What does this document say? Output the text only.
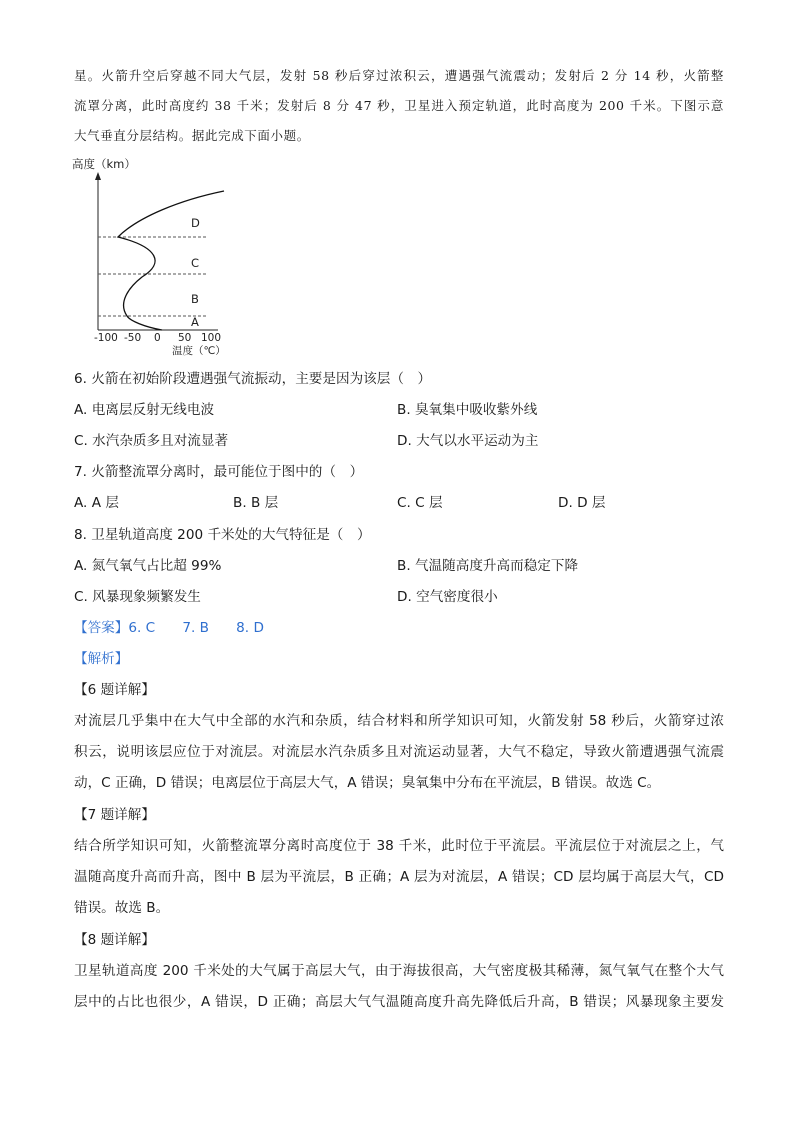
星。火箭升空后穿越不同大气层，发射 58 秒后穿过浓积云，遭遇强气流震动；发射后 2 分 14 秒，火箭整
流罩分离，此时高度约 38 千米；发射后 8 分 47 秒，卫星进入预定轨道，此时高度为 200 千米。下图示意
大气垂直分层结构。据此完成下面小题。
高度（km）
D
C
B
A
-100 -50 0 50 100
温度（℃）
6. 火箭在初始阶段遭遇强气流振动，主要是因为该层（　）
A. 电离层反射无线电波	B. 臭氧集中吸收紫外线
C. 水汽杂质多且对流显著	D. 大气以水平运动为主
7. 火箭整流罩分离时，最可能位于图中的（　）
A. A 层	B. B 层	C. C 层	D. D 层
8. 卫星轨道高度 200 千米处的大气特征是（　）
A. 氮气氧气占比超 99%	B. 气温随高度升高而稳定下降
C. 风暴现象频繁发生	D. 空气密度很小
【答案】6. C　　7. B　　8. D
【解析】
【6 题详解】
对流层几乎集中在大气中全部的水汽和杂质，结合材料和所学知识可知，火箭发射 58 秒后，火箭穿过浓
积云，说明该层应位于对流层。对流层水汽杂质多且对流运动显著，大气不稳定，导致火箭遭遇强气流震
动，C 正确，D 错误；电离层位于高层大气，A 错误；臭氧集中分布在平流层，B 错误。故选 C。
【7 题详解】
结合所学知识可知，火箭整流罩分离时高度位于 38 千米，此时位于平流层。平流层位于对流层之上，气
温随高度升高而升高，图中 B 层为平流层，B 正确；A 层为对流层，A 错误；CD 层均属于高层大气，CD
错误。故选 B。
【8 题详解】
卫星轨道高度 200 千米处的大气属于高层大气，由于海拔很高，大气密度极其稀薄，氮气氧气在整个大气
层中的占比也很少，A 错误，D 正确；高层大气气温随高度升高先降低后升高，B 错误；风暴现象主要发
